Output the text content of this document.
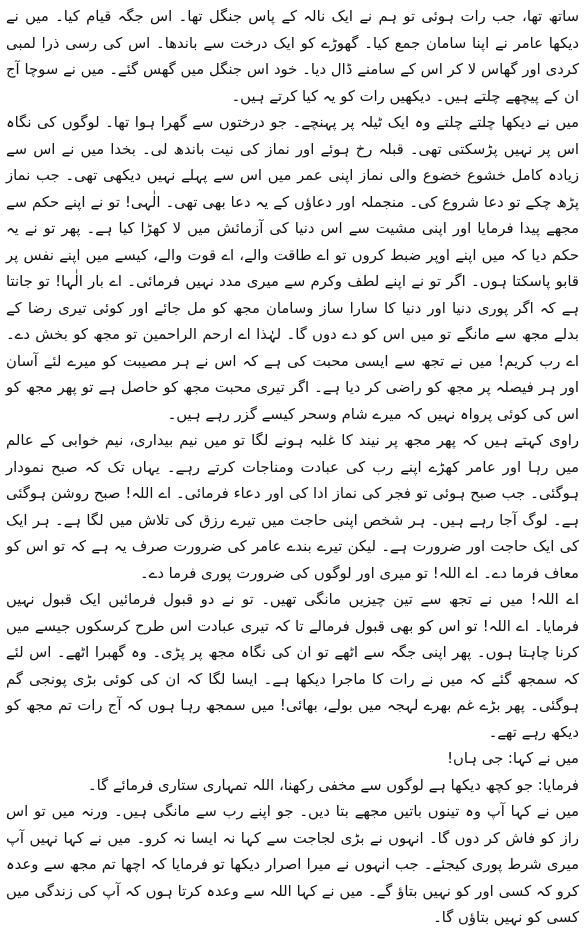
ساتھ تھا، جب رات ہوئی تو ہم نے ایک نالہ کے پاس جنگل تھا۔ اس جگہ قیام کیا۔ میں نے دیکھا عامر نے اپنا سامان جمع کیا۔ گھوڑے کو ایک درخت سے باندھا۔ اس کی رسی ذرا لمبی کردی اور گھاس لا کر اس کے سامنے ڈال دیا۔ خود اس جنگل میں گھس گئے۔ میں نے سوچا آج ان کے پیچھے چلتے ہیں۔ دیکھیں رات کو یہ کیا کرتے ہیں۔

میں نے دیکھا چلتے چلتے وہ ایک ٹیلہ پر پہنچے۔ جو درختوں سے گھرا ہوا تھا۔ لوگوں کی نگاہ اس پر نہیں پڑسکتی تھی۔ قبلہ رخ ہوئے اور نماز کی نیت باندھ لی۔ بخدا میں نے اس سے زیادہ کامل خشوع خضوع والی نماز اپنی عمر میں اس سے پہلے نہیں دیکھی تھی۔ جب نماز پڑھ چکے تو دعا شروع کی۔ منجملہ اور دعاؤں کے یہ دعا بھی تھی۔ الٰہی! تو نے اپنے حکم سے مجھے پیدا فرمایا اور اپنی مشیت سے اس دنیا کی آزمائش میں لا کھڑا کیا ہے۔ پھر تو نے یہ حکم دیا کہ میں اپنے اوپر ضبط کروں تو اے طاقت والے، اے قوت والے، کیسے میں اپنے نفس پر قابو پاسکتا ہوں۔ اگر تو نے اپنے لطف وکرم سے میری مدد نہیں فرمائی۔ اے بار الٰہا! تو جانتا ہے کہ اگر پوری دنیا اور دنیا کا سارا ساز وسامان مجھ کو مل جائے اور کوئی تیری رضا کے بدلے مجھ سے مانگے تو میں اس کو دے دوں گا۔ لہٰذا اے ارحم الراحمین تو مجھ کو بخش دے۔ اے رب کریم! میں نے تجھ سے ایسی محبت کی ہے کہ اس نے ہر مصیبت کو میرے لئے آسان اور ہر فیصلہ پر مجھ کو راضی کر دیا ہے۔ اگر تیری محبت مجھ کو حاصل ہے تو پھر مجھ کو اس کی کوئی پرواہ نہیں کہ میرے شام وسحر کیسے گزر رہے ہیں۔

راوی کہتے ہیں کہ پھر مجھ پر نیند کا غلبہ ہونے لگا تو میں نیم بیداری، نیم خوابی کے عالم میں رہا اور عامر کھڑے اپنے رب کی عبادت ومناجات کرتے رہے۔ یہاں تک کہ صبح نمودار ہوگئی۔ جب صبح ہوئی تو فجر کی نماز ادا کی اور دعاء فرمائی۔ اے اللہ! صبح روشن ہوگئی ہے۔ لوگ آجا رہے ہیں۔ ہر شخص اپنی حاجت میں تیرے رزق کی تلاش میں لگا ہے۔ ہر ایک کی ایک حاجت اور ضرورت ہے۔ لیکن تیرے بندے عامر کی ضرورت صرف یہ ہے کہ تو اس کو معاف فرما دے۔ اے اللہ! تو میری اور لوگوں کی ضرورت پوری فرما دے۔

اے اللہ! میں نے تجھ سے تین چیزیں مانگی تھیں۔ تو نے دو قبول فرمائیں ایک قبول نہیں فرمایا۔ اے اللہ! تو اس کو بھی قبول فرمالے تا کہ تیری عبادت اس طرح کرسکوں جیسے میں کرنا چاہتا ہوں۔ پھر اپنی جگہ سے اٹھے تو ان کی نگاہ مجھ پر پڑی۔ وہ گھبرا اٹھے۔ اس لئے کہ سمجھ گئے کہ میں نے رات کا ماجرا دیکھا ہے۔ ایسا لگا کہ ان کی کوئی بڑی پونجی گم ہوگئی۔ پھر بڑے غم بھرے لہجہ میں بولے، بھائی! میں سمجھ رہا ہوں کہ آج رات تم مجھ کو دیکھ رہے تھے۔

میں نے کہا: جی ہاں!

فرمایا: جو کچھ دیکھا ہے لوگوں سے مخفی رکھنا، اللہ تمہاری ستاری فرمائے گا۔

میں نے کہا آپ وہ تینوں باتیں مجھے بتا دیں۔ جو اپنے رب سے مانگی ہیں۔ ورنہ میں تو اس راز کو فاش کر دوں گا۔ انہوں نے بڑی لجاجت سے کہا نہ ایسا نہ کرو۔ میں نے کہا نہیں آپ میری شرط پوری کیجئے۔ جب انہوں نے میرا اصرار دیکھا تو فرمایا کہ اچھا تم مجھ سے وعدہ کرو کہ کسی اور کو نہیں بتاؤ گے۔ میں نے کہا اللہ سے وعدہ کرتا ہوں کہ آپ کی زندگی میں کسی کو نہیں بتاؤں گا۔
